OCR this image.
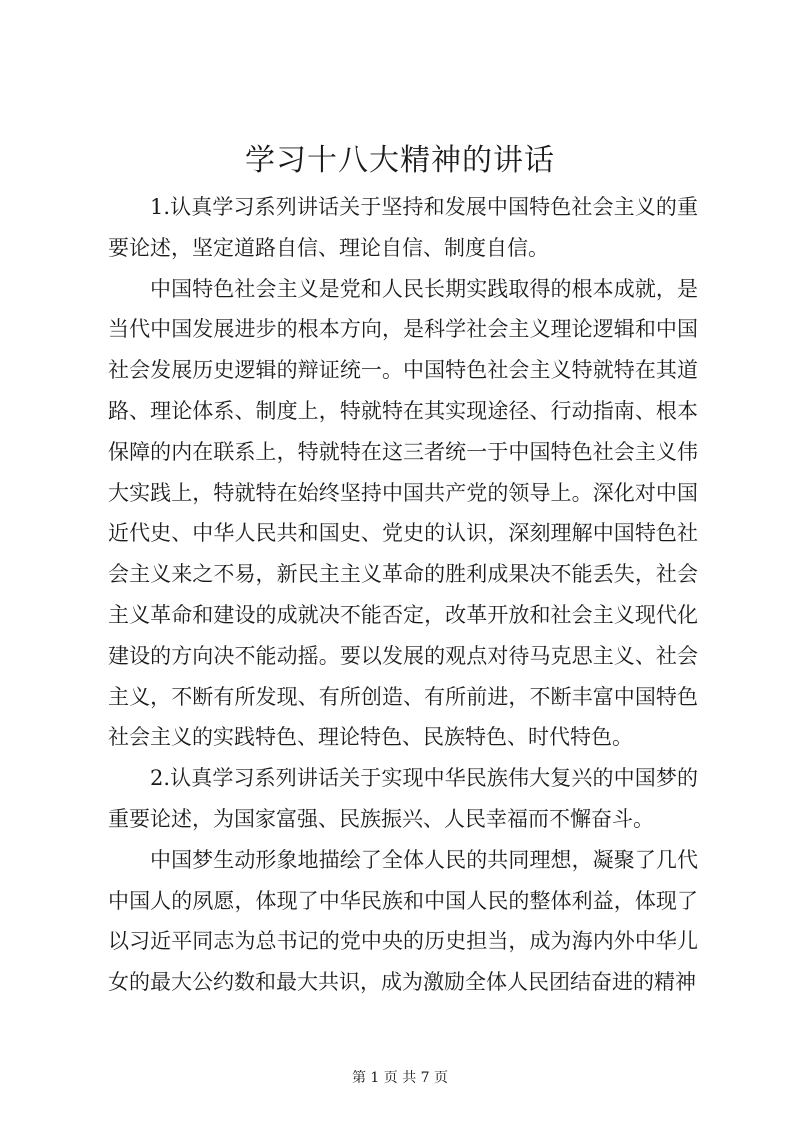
学习十八大精神的讲话

1.认真学习系列讲话关于坚持和发展中国特色社会主义的重要论述，坚定道路自信、理论自信、制度自信。

中国特色社会主义是党和人民长期实践取得的根本成就，是当代中国发展进步的根本方向，是科学社会主义理论逻辑和中国社会发展历史逻辑的辩证统一。中国特色社会主义特就特在其道路、理论体系、制度上，特就特在其实现途径、行动指南、根本保障的内在联系上，特就特在这三者统一于中国特色社会主义伟大实践上，特就特在始终坚持中国共产党的领导上。深化对中国近代史、中华人民共和国史、党史的认识，深刻理解中国特色社会主义来之不易，新民主主义革命的胜利成果决不能丢失，社会主义革命和建设的成就决不能否定，改革开放和社会主义现代化建设的方向决不能动摇。要以发展的观点对待马克思主义、社会主义，不断有所发现、有所创造、有所前进，不断丰富中国特色社会主义的实践特色、理论特色、民族特色、时代特色。

2.认真学习系列讲话关于实现中华民族伟大复兴的中国梦的重要论述，为国家富强、民族振兴、人民幸福而不懈奋斗。

中国梦生动形象地描绘了全体人民的共同理想，凝聚了几代中国人的夙愿，体现了中华民族和中国人民的整体利益，体现了以习近平同志为总书记的党中央的历史担当，成为海内外中华儿女的最大公约数和最大共识，成为激励全体人民团结奋进的精神

第 1 页 共 7 页
